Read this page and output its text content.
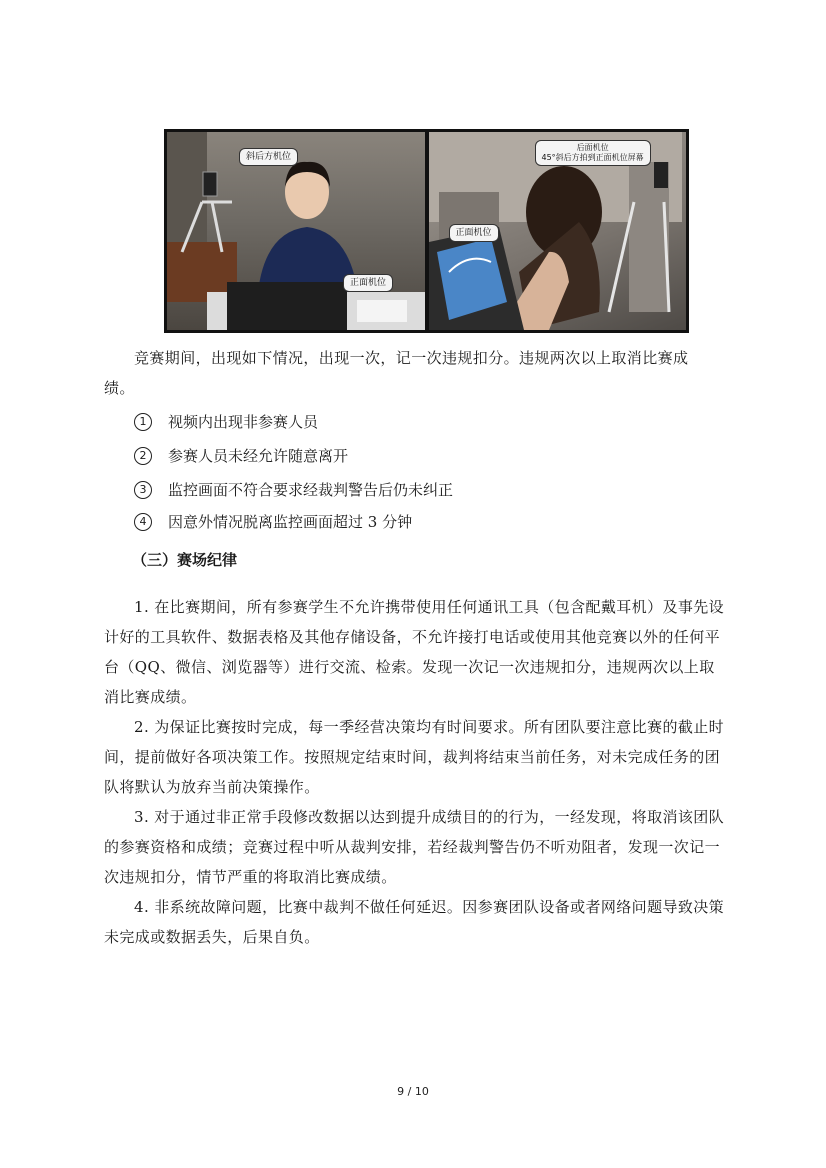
斜后方机位
正面机位
后面机位
45°斜后方拍到正面机位屏幕
正面机位
竞赛期间，出现如下情况，出现一次，记一次违规扣分。违规两次以上取消比赛成
绩。
1	视频内出现非参赛人员
2	参赛人员未经允许随意离开
3	监控画面不符合要求经裁判警告后仍未纠正
4	因意外情况脱离监控画面超过 3 分钟
（三）赛场纪律

1. 在比赛期间，所有参赛学生不允许携带使用任何通讯工具（包含配戴耳机）及事先设计好的工具软件、数据表格及其他存储设备，不允许接打电话或使用其他竞赛以外的任何平台（QQ、微信、浏览器等）进行交流、检索。发现一次记一次违规扣分，违规两次以上取消比赛成绩。

2. 为保证比赛按时完成，每一季经营决策均有时间要求。所有团队要注意比赛的截止时间，提前做好各项决策工作。按照规定结束时间，裁判将结束当前任务，对未完成任务的团队将默认为放弃当前决策操作。

3. 对于通过非正常手段修改数据以达到提升成绩目的的行为，一经发现，将取消该团队的参赛资格和成绩；竞赛过程中听从裁判安排，若经裁判警告仍不听劝阻者，发现一次记一次违规扣分，情节严重的将取消比赛成绩。

4. 非系统故障问题，比赛中裁判不做任何延迟。因参赛团队设备或者网络问题导致决策未完成或数据丢失，后果自负。

9 / 10
